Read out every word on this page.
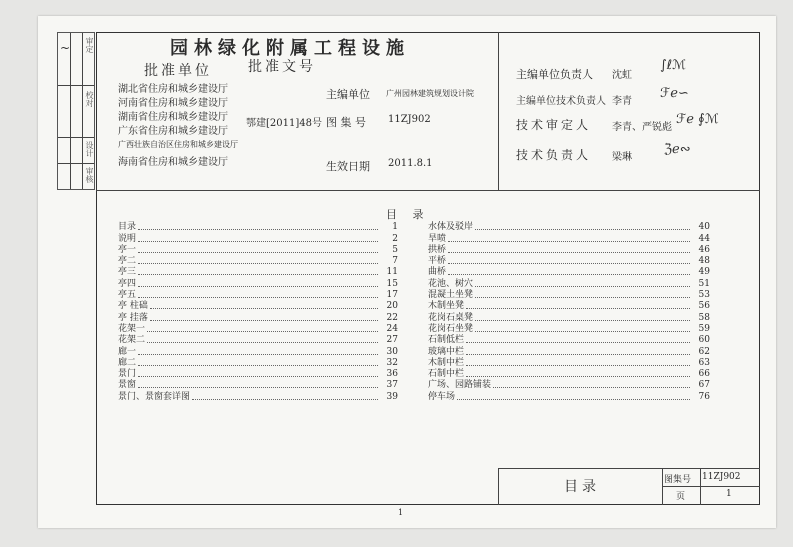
审定
校对
设计
审核
~	园林绿化附属工程设施
批准单位	批准文号
湖北省住房和城乡建设厅
河南省住房和城乡建设厅
湖南省住房和城乡建设厅
广东省住房和城乡建设厅
广西壮族自治区住房和城乡建设厅
海南省住房和城乡建设厅
鄂建[2011]48号
主编单位 广州园林建筑规划设计院
图 集 号 11ZJ902
生效日期 2011.8.1
主编单位负责人 沈虹
∫ℓℳ
主编单位技术负责人 李青
ℱℯ∽
技术审定人 李青、严锐彪
ℱℯ ∮ℳ
技术负责人 梁琳
ℨℯ∾
目 录
目录	1
说明	2
亭一	5
亭二	7
亭三	11
亭四	15
亭五	17
亭 柱础	20
亭 挂落	22
花架一	24
花架二	27
廊一	30
廊二	32
景门	36
景窗	37
景门、景窗套详图	39
水体及驳岸	40
旱喷	44
拱桥	46
平桥	48
曲桥	49
花池、树穴	51
混凝土坐凳	53
木制坐凳	56
花岗石桌凳	58
花岗石坐凳	59
石制低栏	60
玻璃中栏	62
木制中栏	63
石制中栏	66
广场、园路铺装	67
停车场	76
目录	图集号 11ZJ902
页	1
1
